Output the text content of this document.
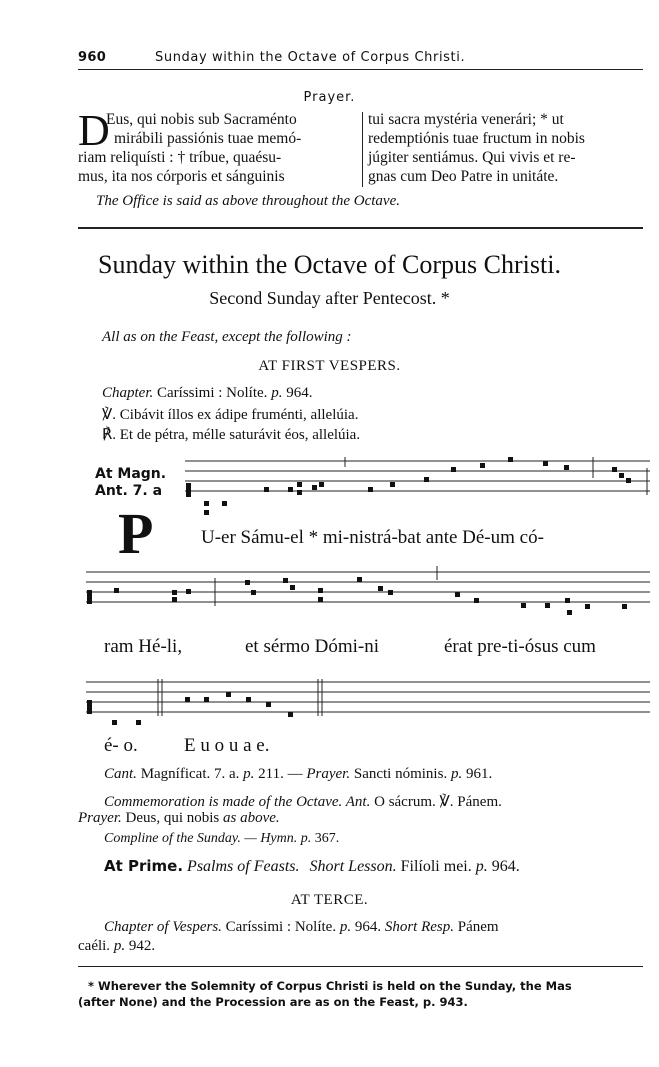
960	Sunday within the Octave of Corpus Christi.
Prayer.
D
Eus, qui nobis sub Sacraménto
mirábili passiónis tuae memó-
riam reliquísti : † tríbue, quaésu-
mus, ita nos córporis et sánguinis
tui sacra mystéria venerári; * ut
redemptiónis tuae fructum in nobis
júgiter sentiámus. Qui vivis et re-
gnas cum Deo Patre in unitáte.
The Office is said as above throughout the Octave.
Sunday within the Octave of Corpus Christi.
Second Sunday after Pentecost. *
All as on the Feast, except the following :
AT FIRST VESPERS.
Chapter. Caríssimi : Nolíte. p. 964.
℣. Cibávit íllos ex ádipe fruménti, allelúia.
℟. Et de pétra, mélle saturávit éos, allelúia.
At Magn.
Ant. 7. a
P	U-er Sámu-el * mi-nistrá-bat ante Dé-um có-
ram Hé-li,	et sérmo Dómi-ni	érat pre-ti-ósus cum
é- o. E u o u a e.
Cant. Magníficat. 7. a. p. 211. — Prayer. Sancti nóminis. p. 961.
Commemoration is made of the Octave. Ant. O sácrum. ℣. Pánem.
Prayer. Deus, qui nobis as above.
Compline of the Sunday. — Hymn. p. 367.
At Prime. Psalms of Feasts. Short Lesson. Filíoli mei. p. 964.
AT TERCE.
Chapter of Vespers. Caríssimi : Nolíte. p. 964. Short Resp. Pánem
caéli. p. 942.
* Wherever the Solemnity of Corpus Christi is held on the Sunday, the Mas
(after None) and the Procession are as on the Feast, p. 943.
